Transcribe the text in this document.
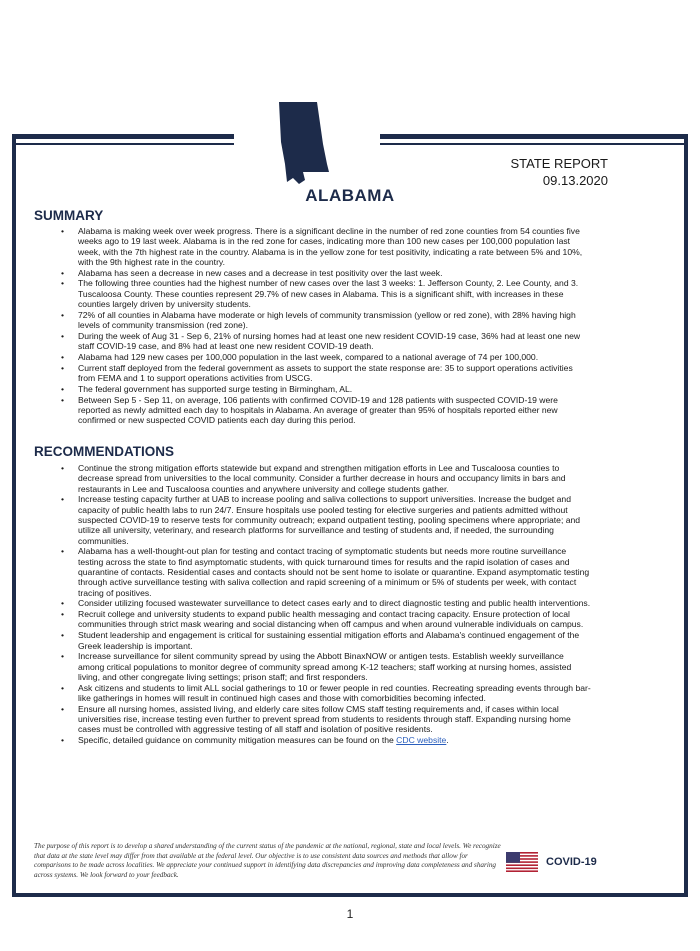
ALABAMA
STATE REPORT
09.13.2020
SUMMARY
• Alabama is making week over week progress. There is a significant decline in the number of red zone counties from 54 counties five weeks ago to 19 last week. Alabama is in the red zone for cases, indicating more than 100 new cases per 100,000 population last week, with the 7th highest rate in the country. Alabama is in the yellow zone for test positivity, indicating a rate between 5% and 10%, with the 9th highest rate in the country.
• Alabama has seen a decrease in new cases and a decrease in test positivity over the last week.
• The following three counties had the highest number of new cases over the last 3 weeks: 1. Jefferson County, 2. Lee County, and 3. Tuscaloosa County. These counties represent 29.7% of new cases in Alabama. This is a significant shift, with increases in these counties largely driven by university students.
• 72% of all counties in Alabama have moderate or high levels of community transmission (yellow or red zone), with 28% having high levels of community transmission (red zone).
• During the week of Aug 31 - Sep 6, 21% of nursing homes had at least one new resident COVID-19 case, 36% had at least one new staff COVID-19 case, and 8% had at least one new resident COVID-19 death.
• Alabama had 129 new cases per 100,000 population in the last week, compared to a national average of 74 per 100,000.
• Current staff deployed from the federal government as assets to support the state response are: 35 to support operations activities from FEMA and 1 to support operations activities from USCG.
• The federal government has supported surge testing in Birmingham, AL.
• Between Sep 5 - Sep 11, on average, 106 patients with confirmed COVID-19 and 128 patients with suspected COVID-19 were reported as newly admitted each day to hospitals in Alabama. An average of greater than 95% of hospitals reported either new confirmed or new suspected COVID patients each day during this period.
RECOMMENDATIONS
• Continue the strong mitigation efforts statewide but expand and strengthen mitigation efforts in Lee and Tuscaloosa counties to decrease spread from universities to the local community. Consider a further decrease in hours and occupancy limits in bars and restaurants in Lee and Tuscaloosa counties and anywhere university and college students gather.
• Increase testing capacity further at UAB to increase pooling and saliva collections to support universities. Increase the budget and capacity of public health labs to run 24/7. Ensure hospitals use pooled testing for elective surgeries and patients admitted without suspected COVID-19 to reserve tests for community outreach; expand outpatient testing, pooling specimens where appropriate; and utilize all university, veterinary, and research platforms for surveillance and testing of students and, if needed, the surrounding communities.
• Alabama has a well-thought-out plan for testing and contact tracing of symptomatic students but needs more routine surveillance testing across the state to find asymptomatic students, with quick turnaround times for results and the rapid isolation of cases and quarantine of contacts. Residential cases and contacts should not be sent home to isolate or quarantine. Expand asymptomatic testing through active surveillance testing with saliva collection and rapid screening of a minimum or 5% of students per week, with contact tracing of positives.
• Consider utilizing focused wastewater surveillance to detect cases early and to direct diagnostic testing and public health interventions.
• Recruit college and university students to expand public health messaging and contact tracing capacity. Ensure protection of local communities through strict mask wearing and social distancing when off campus and when around vulnerable individuals on campus.
• Student leadership and engagement is critical for sustaining essential mitigation efforts and Alabama's continued engagement of the Greek leadership is important.
• Increase surveillance for silent community spread by using the Abbott BinaxNOW or antigen tests. Establish weekly surveillance among critical populations to monitor degree of community spread among K-12 teachers; staff working at nursing homes, assisted living, and other congregate living settings; prison staff; and first responders.
• Ask citizens and students to limit ALL social gatherings to 10 or fewer people in red counties. Recreating spreading events through bar-like gatherings in homes will result in continued high cases and those with comorbidities becoming infected.
• Ensure all nursing homes, assisted living, and elderly care sites follow CMS staff testing requirements and, if cases within local universities rise, increase testing even further to prevent spread from students to residents through staff. Expanding nursing home cases must be controlled with aggressive testing of all staff and isolation of positive residents.
• Specific, detailed guidance on community mitigation measures can be found on the CDC website.
The purpose of this report is to develop a shared understanding of the current status of the pandemic at the national, regional, state and local levels. We recognize that data at the state level may differ from that available at the federal level. Our objective is to use consistent data sources and methods that allow for comparisons to be made across localities. We appreciate your continued support in identifying data discrepancies and improving data completeness and sharing across systems. We look forward to your feedback.
COVID-19
1
